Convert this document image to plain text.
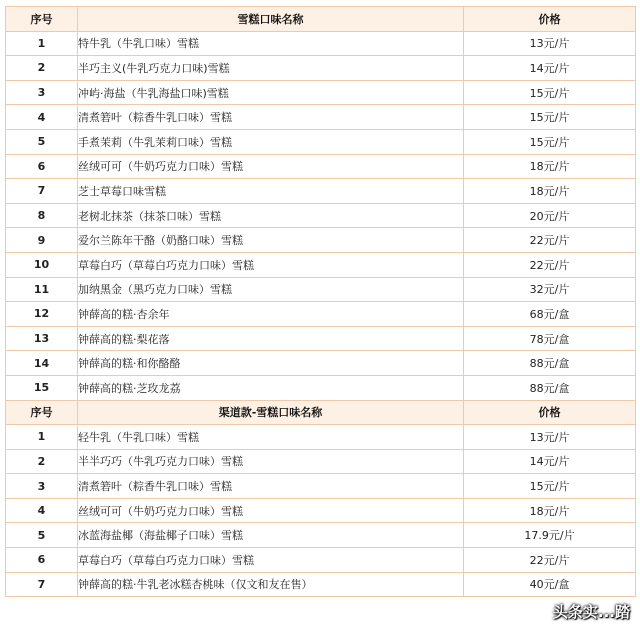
序号	雪糕口味名称	价格
1	特牛乳（牛乳口味）雪糕	13元/片
2	半巧主义(牛乳巧克力口味)雪糕	14元/片
3	冲屿·海盐（牛乳海盐口味)雪糕	15元/片
4	清煮箬叶（粽香牛乳口味）雪糕	15元/片
5	手煮茉莉（牛乳茉莉口味）雪糕	15元/片
6	丝绒可可（牛奶巧克力口味）雪糕	18元/片
7	芝士草莓口味雪糕	18元/片
8	老树北抹茶（抹茶口味）雪糕	20元/片
9	爱尔兰陈年干酪（奶酪口味）雪糕	22元/片
10	草莓白巧（草莓白巧克力口味）雪糕	22元/片
11	加纳黑金（黑巧克力口味）雪糕	32元/片
12	钟薛高的糕·杏余年	68元/盒
13	钟薛高的糕·梨花落	78元/盒
14	钟薛高的糕·和你酪酪	88元/盒
15	钟薛高的糕·芝玫龙荔	88元/盒
序号	渠道款-雪糕口味名称	价格
1	轻牛乳（牛乳口味）雪糕	13元/片
2	半半巧巧（牛乳巧克力口味）雪糕	14元/片
3	清煮箬叶（粽香牛乳口味）雪糕	15元/片
4	丝绒可可（牛奶巧克力口味）雪糕	18元/片
5	冰蓝海盐椰（海盐椰子口味）雪糕	17.9元/片
6	草莓白巧（草莓白巧克力口味）雪糕	22元/片
7	钟薛高的糕·牛乳老冰糕杏桃味（仅文和友在售）	40元/盒
头条实...踏
